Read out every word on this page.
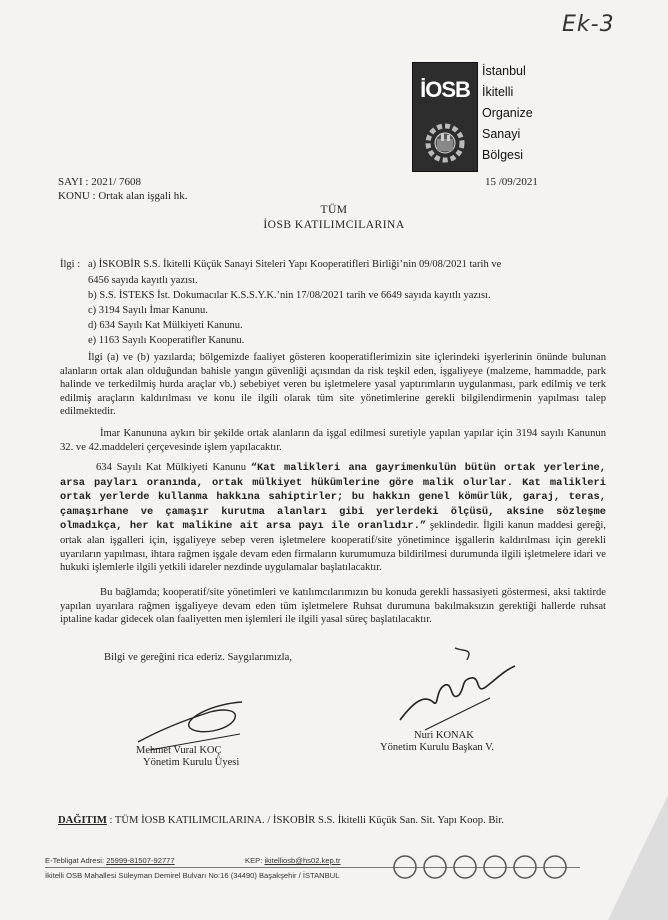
Ek-3
İOSB
İstanbul
İkitelli
Organize
Sanayi
Bölgesi
SAYI : 2021/ 7608
KONU : Ortak alan işgali hk.
15 /09/2021
TÜM
İOSB KATILIMCILARINA
İlgi : a) İSKOBİR S.S. İkitelli Küçük Sanayi Siteleri Yapı Kooperatifleri Birliği’nin 09/08/2021 tarih ve
6456 sayıda kayıtlı yazısı.
b) S.S. İSTEKS İst. Dokumacılar K.S.S.Y.K.’nin 17/08/2021 tarih ve 6649 sayıda kayıtlı yazısı.
c) 3194 Sayılı İmar Kanunu.
d) 634 Sayılı Kat Mülkiyeti Kanunu.
e) 1163 Sayılı Kooperatifler Kanunu.
İlgi (a) ve (b) yazılarda; bölgemizde faaliyet gösteren kooperatiflerimizin site içlerindeki işyerlerinin önünde bulunan alanların ortak alan olduğundan bahisle yangın güvenliği açısından da risk teşkil eden, işgaliyeye (malzeme, hammadde, park halinde ve terkedilmiş hurda araçlar vb.) sebebiyet veren bu işletmelere yasal yaptırımların uygulanması, park edilmiş ve terk edilmiş araçların kaldırılması ve konu ile ilgili olarak tüm site yönetimlerine gerekli bilgilendirmenin yapılması talep edilmektedir.
İmar Kanununa aykırı bir şekilde ortak alanların da işgal edilmesi suretiyle yapılan yapılar için 3194 sayılı Kanunun 32. ve 42.maddeleri çerçevesinde işlem yapılacaktır.
634 Sayılı Kat Mülkiyeti Kanunu “Kat malikleri ana gayrimenkulün bütün ortak yerlerine, arsa payları oranında, ortak mülkiyet hükümlerine göre malik olurlar. Kat malikleri ortak yerlerde kullanma hakkına sahiptirler; bu hakkın genel kömürlük, garaj, teras, çamaşırhane ve çamaşır kurutma alanları gibi yerlerdeki ölçüsü, aksine sözleşme olmadıkça, her kat malikine ait arsa payı ile oranlıdır.” şeklindedir. İlgili kanun maddesi gereği, ortak alan işgalleri için, işgaliyeye sebep veren işletmelere kooperatif/site yönetimince işgallerin kaldırılması için gerekli uyarıların yapılması, ihtara rağmen işgale devam eden firmaların kurumumuza bildirilmesi durumunda ilgili işletmelere idari ve hukuki işlemlerle ilgili yetkili idareler nezdinde uygulamalar başlatılacaktır.
Bu bağlamda; kooperatif/site yönetimleri ve katılımcılarımızın bu konuda gerekli hassasiyeti göstermesi, aksi taktirde yapılan uyarılara rağmen işgaliyeye devam eden tüm işletmelere Ruhsat durumuna bakılmaksızın gerektiği hallerde ruhsat iptaline kadar gidecek olan faaliyetten men işlemleri ile ilgili yasal süreç başlatılacaktır.
Bilgi ve gereğini rica ederiz. Saygılarımızla,
Mehmet Vural KOÇ
Yönetim Kurulu Üyesi
Nuri KONAK
Yönetim Kurulu Başkan V.
DAĞITIM : TÜM İOSB KATILIMCILARINA. / İSKOBİR S.S. İkitelli Küçük San. Sit. Yapı Koop. Bir.
E-Tebligat Adresi: 25999-81507-92777	KEP: ikitelliosb@hs02.kep.tr
İkitelli OSB Mahallesi Süleyman Demirel Bulvarı No:16 (34490) Başakşehir / İSTANBUL
